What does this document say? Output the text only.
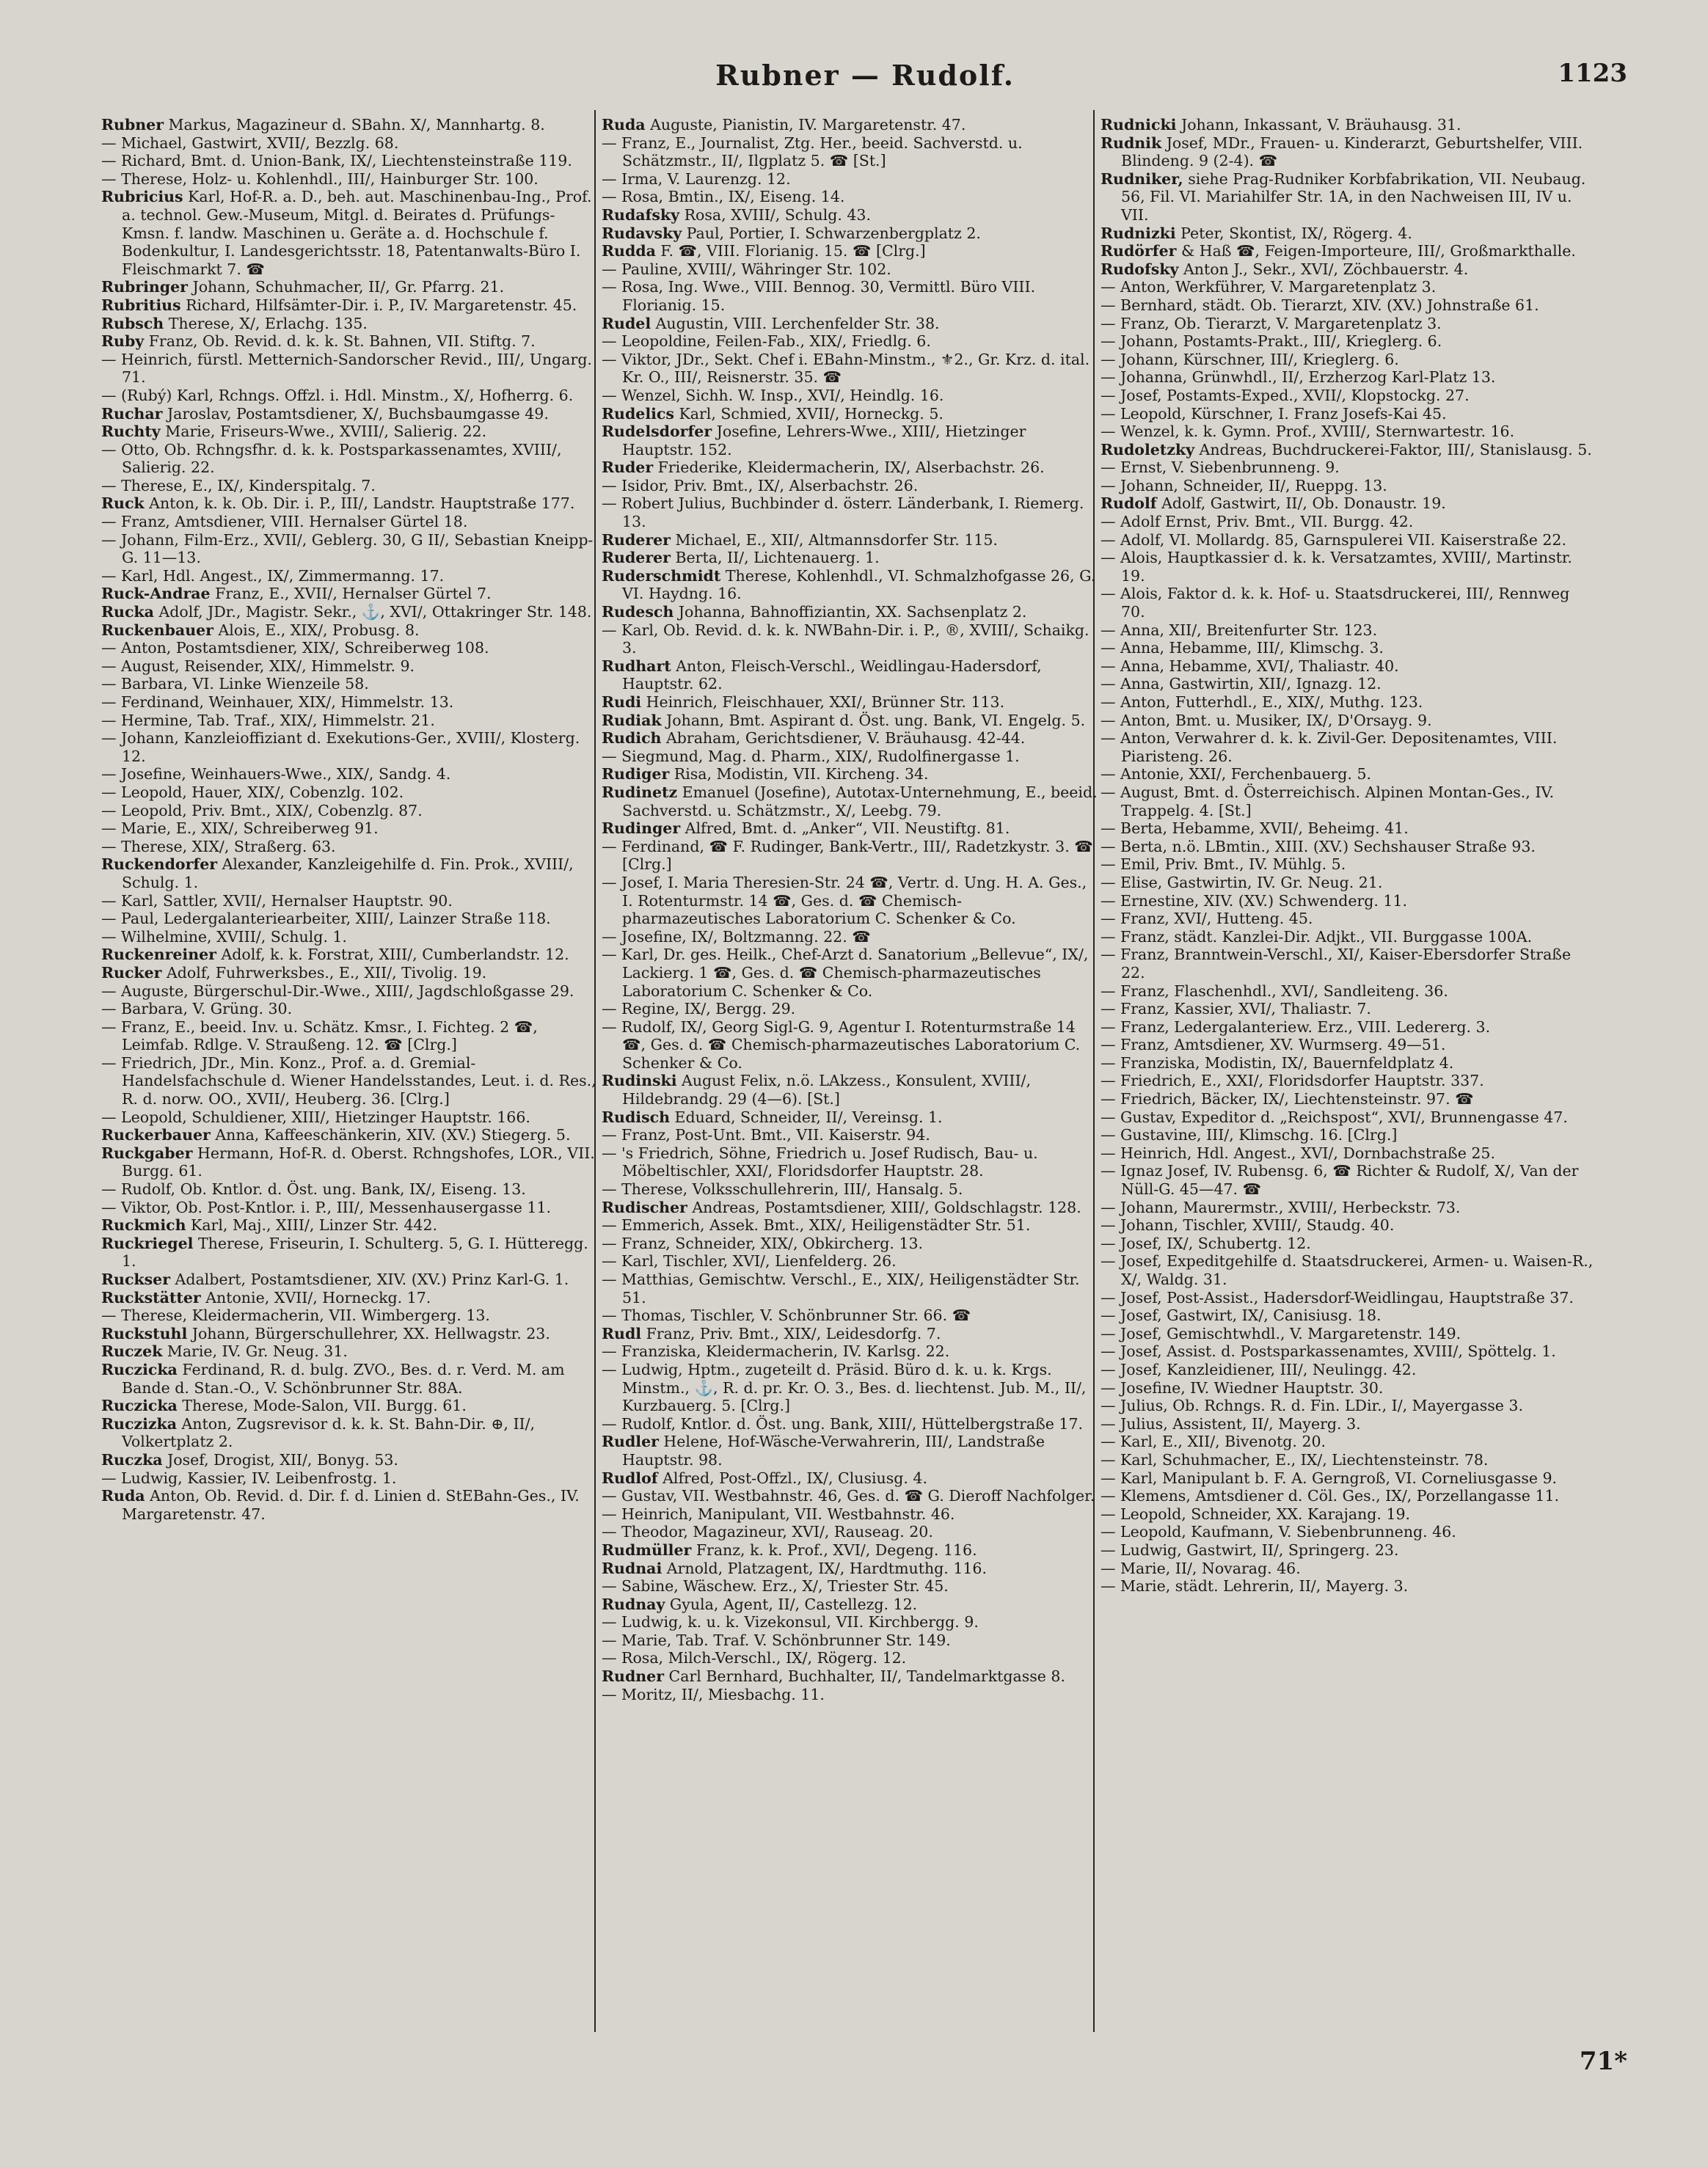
Rubner — Rudolf.	1123
Rubner Markus, Magazineur d. SBahn. X/, Mannhartg. 8.
— Michael, Gastwirt, XVII/, Bezzlg. 68.
— Richard, Bmt. d. Union-Bank, IX/, Liechtensteinstraße 119.
— Therese, Holz- u. Kohlenhdl., III/, Hainburger Str. 100.
Rubricius Karl, Hof-R. a. D., beh. aut. Maschinenbau-Ing., Prof. a. technol. Gew.-Museum, Mitgl. d. Beirates d. Prüfungs-Kmsn. f. landw. Maschinen u. Geräte a. d. Hochschule f. Bodenkultur, I. Landesgerichtsstr. 18, Patentanwalts-Büro I. Fleischmarkt 7. ☎
Rubringer Johann, Schuhmacher, II/, Gr. Pfarrg. 21.
Rubritius Richard, Hilfsämter-Dir. i. P., IV. Margaretenstr. 45.
Rubsch Therese, X/, Erlachg. 135.
Ruby Franz, Ob. Revid. d. k. k. St. Bahnen, VII. Stiftg. 7.
— Heinrich, fürstl. Metternich-Sandorscher Revid., III/, Ungarg. 71.
— (Rubý) Karl, Rchngs. Offzl. i. Hdl. Minstm., X/, Hofherrg. 6.
Ruchar Jaroslav, Postamtsdiener, X/, Buchsbaumgasse 49.
Ruchty Marie, Friseurs-Wwe., XVIII/, Salierig. 22.
— Otto, Ob. Rchngsfhr. d. k. k. Postsparkassenamtes, XVIII/, Salierig. 22.
— Therese, E., IX/, Kinderspitalg. 7.
Ruck Anton, k. k. Ob. Dir. i. P., III/, Landstr. Hauptstraße 177.
— Franz, Amtsdiener, VIII. Hernalser Gürtel 18.
— Johann, Film-Erz., XVII/, Geblerg. 30, G II/, Sebastian Kneipp-G. 11—13.
— Karl, Hdl. Angest., IX/, Zimmermanng. 17.
Ruck-Andrae Franz, E., XVII/, Hernalser Gürtel 7.
Rucka Adolf, JDr., Magistr. Sekr., ⚓, XVI/, Ottakringer Str. 148.
Ruckenbauer Alois, E., XIX/, Probusg. 8.
— Anton, Postamtsdiener, XIX/, Schreiberweg 108.
— August, Reisender, XIX/, Himmelstr. 9.
— Barbara, VI. Linke Wienzeile 58.
— Ferdinand, Weinhauer, XIX/, Himmelstr. 13.
— Hermine, Tab. Traf., XIX/, Himmelstr. 21.
— Johann, Kanzleioffiziant d. Exekutions-Ger., XVIII/, Klosterg. 12.
— Josefine, Weinhauers-Wwe., XIX/, Sandg. 4.
— Leopold, Hauer, XIX/, Cobenzlg. 102.
— Leopold, Priv. Bmt., XIX/, Cobenzlg. 87.
— Marie, E., XIX/, Schreiberweg 91.
— Therese, XIX/, Straßerg. 63.
Ruckendorfer Alexander, Kanzleigehilfe d. Fin. Prok., XVIII/, Schulg. 1.
— Karl, Sattler, XVII/, Hernalser Hauptstr. 90.
— Paul, Ledergalanteriearbeiter, XIII/, Lainzer Straße 118.
— Wilhelmine, XVIII/, Schulg. 1.
Ruckenreiner Adolf, k. k. Forstrat, XIII/, Cumberlandstr. 12.
Rucker Adolf, Fuhrwerksbes., E., XII/, Tivolig. 19.
— Auguste, Bürgerschul-Dir.-Wwe., XIII/, Jagdschloßgasse 29.
— Barbara, V. Grüng. 30.
— Franz, E., beeid. Inv. u. Schätz. Kmsr., I. Fichteg. 2 ☎, Leimfab. Rdlge. V. Straußeng. 12. ☎ [Clrg.]
— Friedrich, JDr., Min. Konz., Prof. a. d. Gremial-Handelsfachschule d. Wiener Handelsstandes, Leut. i. d. Res., R. d. norw. OO., XVII/, Heuberg. 36. [Clrg.]
— Leopold, Schuldiener, XIII/, Hietzinger Hauptstr. 166.
Ruckerbauer Anna, Kaffeeschänkerin, XIV. (XV.) Stiegerg. 5.
Ruckgaber Hermann, Hof-R. d. Oberst. Rchngshofes, LOR., VII. Burgg. 61.
— Rudolf, Ob. Kntlor. d. Öst. ung. Bank, IX/, Eiseng. 13.
— Viktor, Ob. Post-Kntlor. i. P., III/, Messenhausergasse 11.
Ruckmich Karl, Maj., XIII/, Linzer Str. 442.
Ruckriegel Therese, Friseurin, I. Schulterg. 5, G. I. Hütteregg. 1.
Ruckser Adalbert, Postamtsdiener, XIV. (XV.) Prinz Karl-G. 1.
Ruckstätter Antonie, XVII/, Horneckg. 17.
— Therese, Kleidermacherin, VII. Wimbergerg. 13.
Ruckstuhl Johann, Bürgerschullehrer, XX. Hellwagstr. 23.
Ruczek Marie, IV. Gr. Neug. 31.
Ruczicka Ferdinand, R. d. bulg. ZVO., Bes. d. r. Verd. M. am Bande d. Stan.-O., V. Schönbrunner Str. 88A.
Ruczicka Therese, Mode-Salon, VII. Burgg. 61.
Ruczizka Anton, Zugsrevisor d. k. k. St. Bahn-Dir. ⊕, II/, Volkertplatz 2.
Ruczka Josef, Drogist, XII/, Bonyg. 53.
— Ludwig, Kassier, IV. Leibenfrostg. 1.
Ruda Anton, Ob. Revid. d. Dir. f. d. Linien d. StEBahn-Ges., IV. Margaretenstr. 47.
Ruda Auguste, Pianistin, IV. Margaretenstr. 47.
— Franz, E., Journalist, Ztg. Her., beeid. Sachverstd. u. Schätzmstr., II/, Ilgplatz 5. ☎ [St.]
— Irma, V. Laurenzg. 12.
— Rosa, Bmtin., IX/, Eiseng. 14.
Rudafsky Rosa, XVIII/, Schulg. 43.
Rudavsky Paul, Portier, I. Schwarzenbergplatz 2.
Rudda F. ☎, VIII. Florianig. 15. ☎ [Clrg.]
— Pauline, XVIII/, Währinger Str. 102.
— Rosa, Ing. Wwe., VIII. Bennog. 30, Vermittl. Büro VIII. Florianig. 15.
Rudel Augustin, VIII. Lerchenfelder Str. 38.
— Leopoldine, Feilen-Fab., XIX/, Friedlg. 6.
— Viktor, JDr., Sekt. Chef i. EBahn-Minstm., ⚜2., Gr. Krz. d. ital. Kr. O., III/, Reisnerstr. 35. ☎
— Wenzel, Sichh. W. Insp., XVI/, Heindlg. 16.
Rudelics Karl, Schmied, XVII/, Horneckg. 5.
Rudelsdorfer Josefine, Lehrers-Wwe., XIII/, Hietzinger Hauptstr. 152.
Ruder Friederike, Kleidermacherin, IX/, Alserbachstr. 26.
— Isidor, Priv. Bmt., IX/, Alserbachstr. 26.
— Robert Julius, Buchbinder d. österr. Länderbank, I. Riemerg. 13.
Ruderer Michael, E., XII/, Altmannsdorfer Str. 115.
Ruderer Berta, II/, Lichtenauerg. 1.
Ruderschmidt Therese, Kohlenhdl., VI. Schmalzhofgasse 26, G. VI. Haydng. 16.
Rudesch Johanna, Bahnoffiziantin, XX. Sachsenplatz 2.
— Karl, Ob. Revid. d. k. k. NWBahn-Dir. i. P., ®, XVIII/, Schaikg. 3.
Rudhart Anton, Fleisch-Verschl., Weidlingau-Hadersdorf, Hauptstr. 62.
Rudi Heinrich, Fleischhauer, XXI/, Brünner Str. 113.
Rudiak Johann, Bmt. Aspirant d. Öst. ung. Bank, VI. Engelg. 5.
Rudich Abraham, Gerichtsdiener, V. Bräuhausg. 42-44.
— Siegmund, Mag. d. Pharm., XIX/, Rudolfinergasse 1.
Rudiger Risa, Modistin, VII. Kircheng. 34.
Rudinetz Emanuel (Josefine), Autotax-Unternehmung, E., beeid. Sachverstd. u. Schätzmstr., X/, Leebg. 79.
Rudinger Alfred, Bmt. d. „Anker“, VII. Neustiftg. 81.
— Ferdinand, ☎ F. Rudinger, Bank-Vertr., III/, Radetzkystr. 3. ☎ [Clrg.]
— Josef, I. Maria Theresien-Str. 24 ☎, Vertr. d. Ung. H. A. Ges., I. Rotenturmstr. 14 ☎, Ges. d. ☎ Chemisch-pharmazeutisches Laboratorium C. Schenker & Co.
— Josefine, IX/, Boltzmanng. 22. ☎
— Karl, Dr. ges. Heilk., Chef-Arzt d. Sanatorium „Bellevue“, IX/, Lackierg. 1 ☎, Ges. d. ☎ Chemisch-pharmazeutisches Laboratorium C. Schenker & Co.
— Regine, IX/, Bergg. 29.
— Rudolf, IX/, Georg Sigl-G. 9, Agentur I. Rotenturmstraße 14 ☎, Ges. d. ☎ Chemisch-pharmazeutisches Laboratorium C. Schenker & Co.
Rudinski August Felix, n.ö. LAkzess., Konsulent, XVIII/, Hildebrandg. 29 (4—6). [St.]
Rudisch Eduard, Schneider, II/, Vereinsg. 1.
— Franz, Post-Unt. Bmt., VII. Kaiserstr. 94.
— 's Friedrich, Söhne, Friedrich u. Josef Rudisch, Bau- u. Möbeltischler, XXI/, Floridsdorfer Hauptstr. 28.
— Therese, Volksschullehrerin, III/, Hansalg. 5.
Rudischer Andreas, Postamtsdiener, XIII/, Goldschlagstr. 128.
— Emmerich, Assek. Bmt., XIX/, Heiligenstädter Str. 51.
— Franz, Schneider, XIX/, Obkircherg. 13.
— Karl, Tischler, XVI/, Lienfelderg. 26.
— Matthias, Gemischtw. Verschl., E., XIX/, Heiligenstädter Str. 51.
— Thomas, Tischler, V. Schönbrunner Str. 66. ☎
Rudl Franz, Priv. Bmt., XIX/, Leidesdorfg. 7.
— Franziska, Kleidermacherin, IV. Karlsg. 22.
— Ludwig, Hptm., zugeteilt d. Präsid. Büro d. k. u. k. Krgs. Minstm., ⚓, R. d. pr. Kr. O. 3., Bes. d. liechtenst. Jub. M., II/, Kurzbauerg. 5. [Clrg.]
— Rudolf, Kntlor. d. Öst. ung. Bank, XIII/, Hüttelbergstraße 17.
Rudler Helene, Hof-Wäsche-Verwahrerin, III/, Landstraße Hauptstr. 98.
Rudlof Alfred, Post-Offzl., IX/, Clusiusg. 4.
— Gustav, VII. Westbahnstr. 46, Ges. d. ☎ G. Dieroff Nachfolger.
— Heinrich, Manipulant, VII. Westbahnstr. 46.
— Theodor, Magazineur, XVI/, Rauseag. 20.
Rudmüller Franz, k. k. Prof., XVI/, Degeng. 116.
Rudnai Arnold, Platzagent, IX/, Hardtmuthg. 116.
— Sabine, Wäschew. Erz., X/, Triester Str. 45.
Rudnay Gyula, Agent, II/, Castellezg. 12.
— Ludwig, k. u. k. Vizekonsul, VII. Kirchbergg. 9.
— Marie, Tab. Traf. V. Schönbrunner Str. 149.
— Rosa, Milch-Verschl., IX/, Rögerg. 12.
Rudner Carl Bernhard, Buchhalter, II/, Tandelmarktgasse 8.
— Moritz, II/, Miesbachg. 11.
Rudnicki Johann, Inkassant, V. Bräuhausg. 31.
Rudnik Josef, MDr., Frauen- u. Kinderarzt, Geburtshelfer, VIII. Blindeng. 9 (2-4). ☎
Rudniker, siehe Prag-Rudniker Korbfabrikation, VII. Neubaug. 56, Fil. VI. Mariahilfer Str. 1A, in den Nachweisen III, IV u. VII.
Rudnizki Peter, Skontist, IX/, Rögerg. 4.
Rudörfer & Haß ☎, Feigen-Importeure, III/, Großmarkthalle.
Rudofsky Anton J., Sekr., XVI/, Zöchbauerstr. 4.
— Anton, Werkführer, V. Margaretenplatz 3.
— Bernhard, städt. Ob. Tierarzt, XIV. (XV.) Johnstraße 61.
— Franz, Ob. Tierarzt, V. Margaretenplatz 3.
— Johann, Postamts-Prakt., III/, Krieglerg. 6.
— Johann, Kürschner, III/, Krieglerg. 6.
— Johanna, Grünwhdl., II/, Erzherzog Karl-Platz 13.
— Josef, Postamts-Exped., XVII/, Klopstockg. 27.
— Leopold, Kürschner, I. Franz Josefs-Kai 45.
— Wenzel, k. k. Gymn. Prof., XVIII/, Sternwartestr. 16.
Rudoletzky Andreas, Buchdruckerei-Faktor, III/, Stanislausg. 5.
— Ernst, V. Siebenbrunneng. 9.
— Johann, Schneider, II/, Rueppg. 13.
Rudolf Adolf, Gastwirt, II/, Ob. Donaustr. 19.
— Adolf Ernst, Priv. Bmt., VII. Burgg. 42.
— Adolf, VI. Mollardg. 85, Garnspulerei VII. Kaiserstraße 22.
— Alois, Hauptkassier d. k. k. Versatzamtes, XVIII/, Martinstr. 19.
— Alois, Faktor d. k. k. Hof- u. Staatsdruckerei, III/, Rennweg 70.
— Anna, XII/, Breitenfurter Str. 123.
— Anna, Hebamme, III/, Klimschg. 3.
— Anna, Hebamme, XVI/, Thaliastr. 40.
— Anna, Gastwirtin, XII/, Ignazg. 12.
— Anton, Futterhdl., E., XIX/, Muthg. 123.
— Anton, Bmt. u. Musiker, IX/, D'Orsayg. 9.
— Anton, Verwahrer d. k. k. Zivil-Ger. Depositenamtes, VIII. Piaristeng. 26.
— Antonie, XXI/, Ferchenbauerg. 5.
— August, Bmt. d. Österreichisch. Alpinen Montan-Ges., IV. Trappelg. 4. [St.]
— Berta, Hebamme, XVII/, Beheimg. 41.
— Berta, n.ö. LBmtin., XIII. (XV.) Sechshauser Straße 93.
— Emil, Priv. Bmt., IV. Mühlg. 5.
— Elise, Gastwirtin, IV. Gr. Neug. 21.
— Ernestine, XIV. (XV.) Schwenderg. 11.
— Franz, XVI/, Hutteng. 45.
— Franz, städt. Kanzlei-Dir. Adjkt., VII. Burggasse 100A.
— Franz, Branntwein-Verschl., XI/, Kaiser-Ebersdorfer Straße 22.
— Franz, Flaschenhdl., XVI/, Sandleiteng. 36.
— Franz, Kassier, XVI/, Thaliastr. 7.
— Franz, Ledergalanteriew. Erz., VIII. Ledererg. 3.
— Franz, Amtsdiener, XV. Wurmserg. 49—51.
— Franziska, Modistin, IX/, Bauernfeldplatz 4.
— Friedrich, E., XXI/, Floridsdorfer Hauptstr. 337.
— Friedrich, Bäcker, IX/, Liechtensteinstr. 97. ☎
— Gustav, Expeditor d. „Reichspost“, XVI/, Brunnengasse 47.
— Gustavine, III/, Klimschg. 16. [Clrg.]
— Heinrich, Hdl. Angest., XVI/, Dornbachstraße 25.
— Ignaz Josef, IV. Rubensg. 6, ☎ Richter & Rudolf, X/, Van der Nüll-G. 45—47. ☎
— Johann, Maurermstr., XVIII/, Herbeckstr. 73.
— Johann, Tischler, XVIII/, Staudg. 40.
— Josef, IX/, Schubertg. 12.
— Josef, Expeditgehilfe d. Staatsdruckerei, Armen- u. Waisen-R., X/, Waldg. 31.
— Josef, Post-Assist., Hadersdorf-Weidlingau, Hauptstraße 37.
— Josef, Gastwirt, IX/, Canisiusg. 18.
— Josef, Gemischtwhdl., V. Margaretenstr. 149.
— Josef, Assist. d. Postsparkassenamtes, XVIII/, Spöttelg. 1.
— Josef, Kanzleidiener, III/, Neulingg. 42.
— Josefine, IV. Wiedner Hauptstr. 30.
— Julius, Ob. Rchngs. R. d. Fin. LDir., I/, Mayergasse 3.
— Julius, Assistent, II/, Mayerg. 3.
— Karl, E., XII/, Bivenotg. 20.
— Karl, Schuhmacher, E., IX/, Liechtensteinstr. 78.
— Karl, Manipulant b. F. A. Gerngroß, VI. Corneliusgasse 9.
— Klemens, Amtsdiener d. Cöl. Ges., IX/, Porzellangasse 11.
— Leopold, Schneider, XX. Karajang. 19.
— Leopold, Kaufmann, V. Siebenbrunneng. 46.
— Ludwig, Gastwirt, II/, Springerg. 23.
— Marie, II/, Novarag. 46.
— Marie, städt. Lehrerin, II/, Mayerg. 3.
71*
